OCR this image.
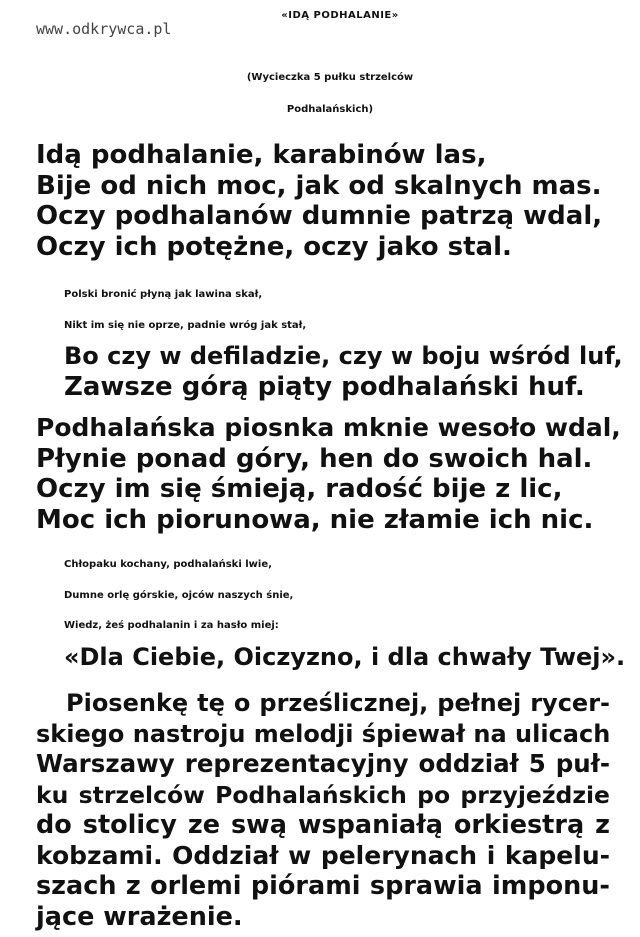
www.odkrywca.pl
«IDĄ PODHALANIE»
(Wycieczka 5 pułku strzelców
Podhalańskich)
Idą podhalanie, karabinów las,
Bije od nich moc, jak od skalnych mas.
Oczy podhalanów dumnie patrzą wdal,
Oczy ich potężne, oczy jako stal.
Polski bronić płyną jak lawina skał,
Nikt im się nie oprze, padnie wróg jak stał,
Bo czy w defiladzie, czy w boju wśród luf,
Zawsze górą piąty podhalański huf.
Podhalańska piosnka mknie wesoło wdal,
Płynie ponad góry, hen do swoich hal.
Oczy im się śmieją, radość bije z lic,
Moc ich piorunowa, nie złamie ich nic.
Chłopaku kochany, podhalański lwie,
Dumne orlę górskie, ojców naszych śnie,
Wiedz, żeś podhalanin i za hasło miej:
«Dla Ciebie, Oiczyzno, i dla chwały Twej».
Piosenkę tę o prześlicznej, pełnej rycer-
skiego nastroju melodji śpiewał na ulicach
Warszawy reprezentacyjny oddział 5 puł-
ku strzelców Podhalańskich po przyjeździe
do stolicy ze swą wspaniałą orkiestrą z
kobzami. Oddział w pelerynach i kapelu-
szach z orlemi piórami sprawia imponu-
jące wrażenie.
